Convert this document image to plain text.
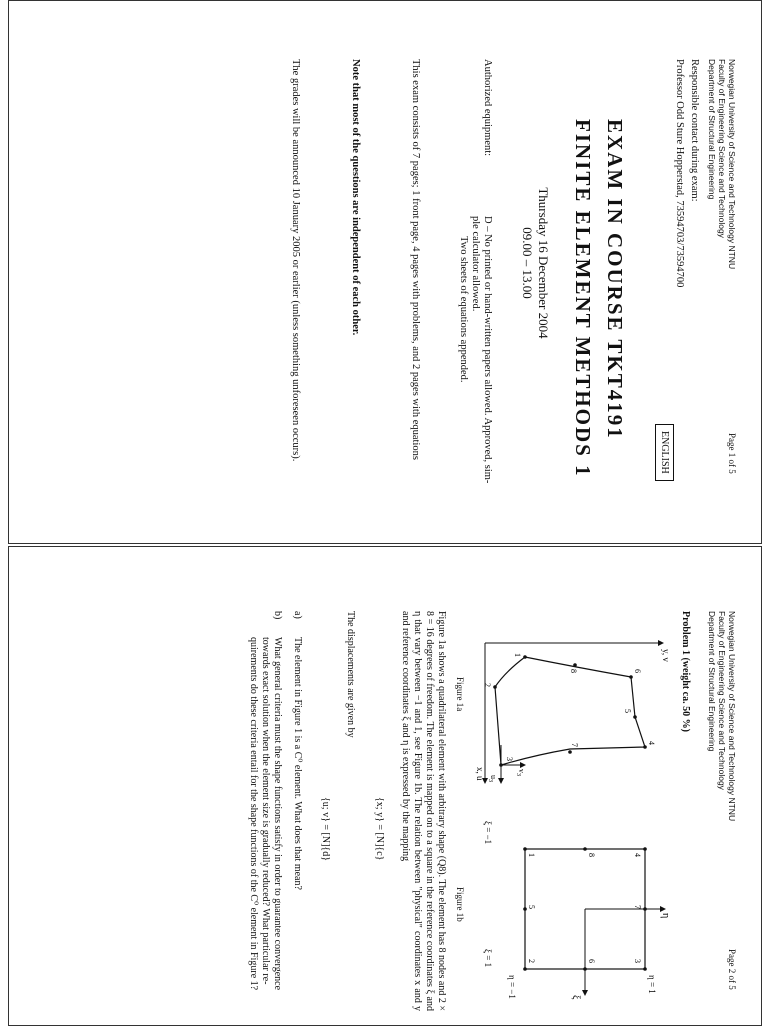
Norwegian University of Science and Technology NTNU
Faculty of Engineering Science and Technology
Department of Structural Engineering
Page 1 of 5
ENGLISH
Responsible contact during exam:
Professor Odd Sture Hopperstad, 73594703/73594700
EXAM IN COURSE TKT4191
FINITE ELEMENT METHODS 1
Thursday 16 December 2004
09.00 – 13.00
Authorized equipment:
D – No printed or hand-written papers allowed. Approved, sim-ple calculator allowed.
Two sheets of equations appended.
This exam consists of 7 pages; 1 front page, 4 pages with problems, and 2 pages with equations
Note that most of the questions are independent of each other.
The grades will be announced 10 January 2005 or earlier (unless something unforeseen occurs).
Norwegian University of Science and Technology NTNU
Faculty of Engineering Science and Technology
Department of Structural Engineering
Page 2 of 5
Problem 1 (weight ca. 50 %)
y, v
x, u
1
2
3
4
5
6
7
8
$v_3$
$u_3$
Figure 1a
η
ξ
η = 1
η = −1
ξ = −1
ξ = 1
1
2	3
4
5
6
7
8
Figure 1b
Figure 1a shows a quadrilateral element with arbitrary shape (Q8). The element has 8 nodes and 2 × 8 = 16 degrees of freedom. The element is mapped on to a square in the reference coordinates ξ and η that vary between −1 and 1, see Figure 1b. The relation between "physical" coordinates x and y and reference coordinates ξ and η is expressed by the mapping
{x; y} = [N]{c}
The displacements are given by
{u; v} = [N]{d}
a)
The element in Figure 1 is a C⁰ element. What does that mean?
b)
What general criteria must the shape functions satisfy in order to guarantee convergence towards exact solution when the element size is gradually reduced? What particular re-quirements do these criteria entail for the shape functions of the C⁰ element in Figure 1?
